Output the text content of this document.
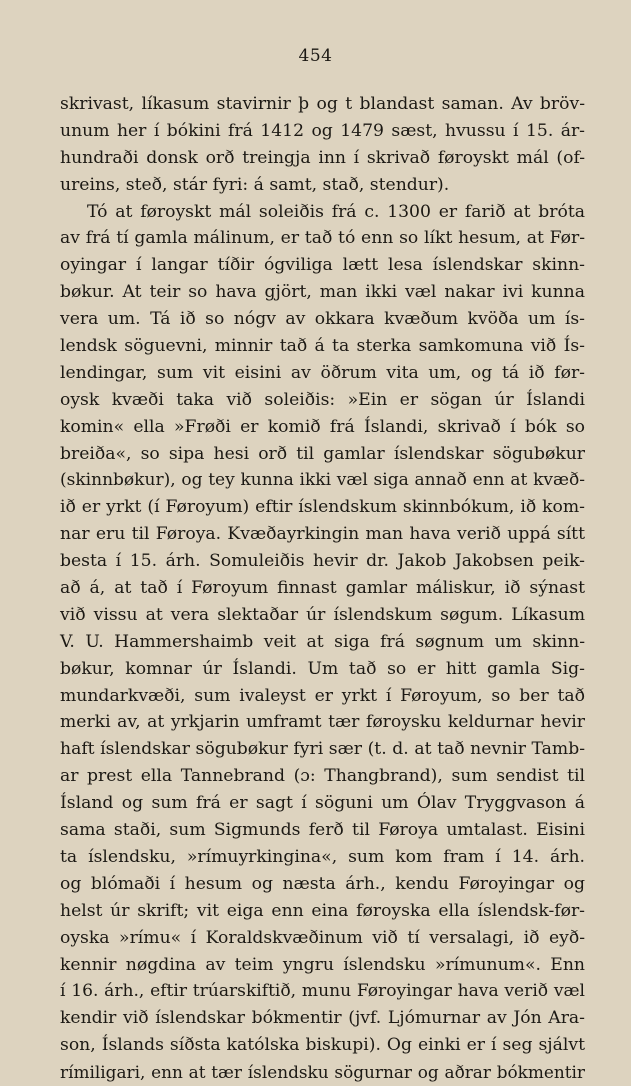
454
skrivast, líkasum stavirnir þ og t blandast saman. Av bröv-
unum her í bókini frá 1412 og 1479 sæst, hvussu í 15. ár-
hundraði donsk orð treingja inn í skrivað føroyskt mál (of-
ureins, steð, stár fyri: á samt, stað, stendur).
Tó at føroyskt mál soleiðis frá c. 1300 er farið at bróta
av frá tí gamla málinum, er tað tó enn so líkt hesum, at Før-
oyingar í langar tíðir ógviliga lætt lesa íslendskar skinn-
bøkur. At teir so hava gjört, man ikki væl nakar ivi kunna
vera um. Tá ið so nógv av okkara kvæðum kvöða um ís-
lendsk söguevni, minnir tað á ta sterka samkomuna við Ís-
lendingar, sum vit eisini av öðrum vita um, og tá ið før-
oysk kvæði taka við soleiðis: »Ein er sögan úr Íslandi
komin« ella »Frøði er komið frá Íslandi, skrivað í bók so
breiða«, so sipa hesi orð til gamlar íslendskar sögubøkur
(skinnbøkur), og tey kunna ikki væl siga annað enn at kvæð-
ið er yrkt (í Føroyum) eftir íslendskum skinnbókum, ið kom-
nar eru til Føroya. Kvæðayrkingin man hava verið uppá sítt
besta í 15. árh. Somuleiðis hevir dr. Jakob Jakobsen peik-
að á, at tað í Føroyum finnast gamlar máliskur, ið sýnast
við vissu at vera slektaðar úr íslendskum søgum. Líkasum
V. U. Hammershaimb veit at siga frá søgnum um skinn-
bøkur, komnar úr Íslandi. Um tað so er hitt gamla Sig-
mundarkvæði, sum ivaleyst er yrkt í Føroyum, so ber tað
merki av, at yrkjarin umframt tær føroysku keldurnar hevir
haft íslendskar sögubøkur fyri sær (t. d. at tað nevnir Tamb-
ar prest ella Tannebrand (ɔ: Thangbrand), sum sendist til
Ísland og sum frá er sagt í söguni um Ólav Tryggvason á
sama staði, sum Sigmunds ferð til Føroya umtalast. Eisini
ta íslendsku, »rímuyrkingina«, sum kom fram í 14. árh.
og blómaði í hesum og næsta árh., kendu Føroyingar og
helst úr skrift; vit eiga enn eina føroyska ella íslendsk-før-
oyska »rímu« í Koraldskvæðinum við tí versalagi, ið eyð-
kennir nøgdina av teim yngru íslendsku »rímunum«. Enn
í 16. árh., eftir trúarskiftið, munu Føroyingar hava verið væl
kendir við íslendskar bókmentir (jvf. Ljómurnar av Jón Ara-
son, Íslands síðsta katólska biskupi). Og einki er í seg sjálvt
rímiligari, enn at tær íslendsku sögurnar og aðrar bókmentir
